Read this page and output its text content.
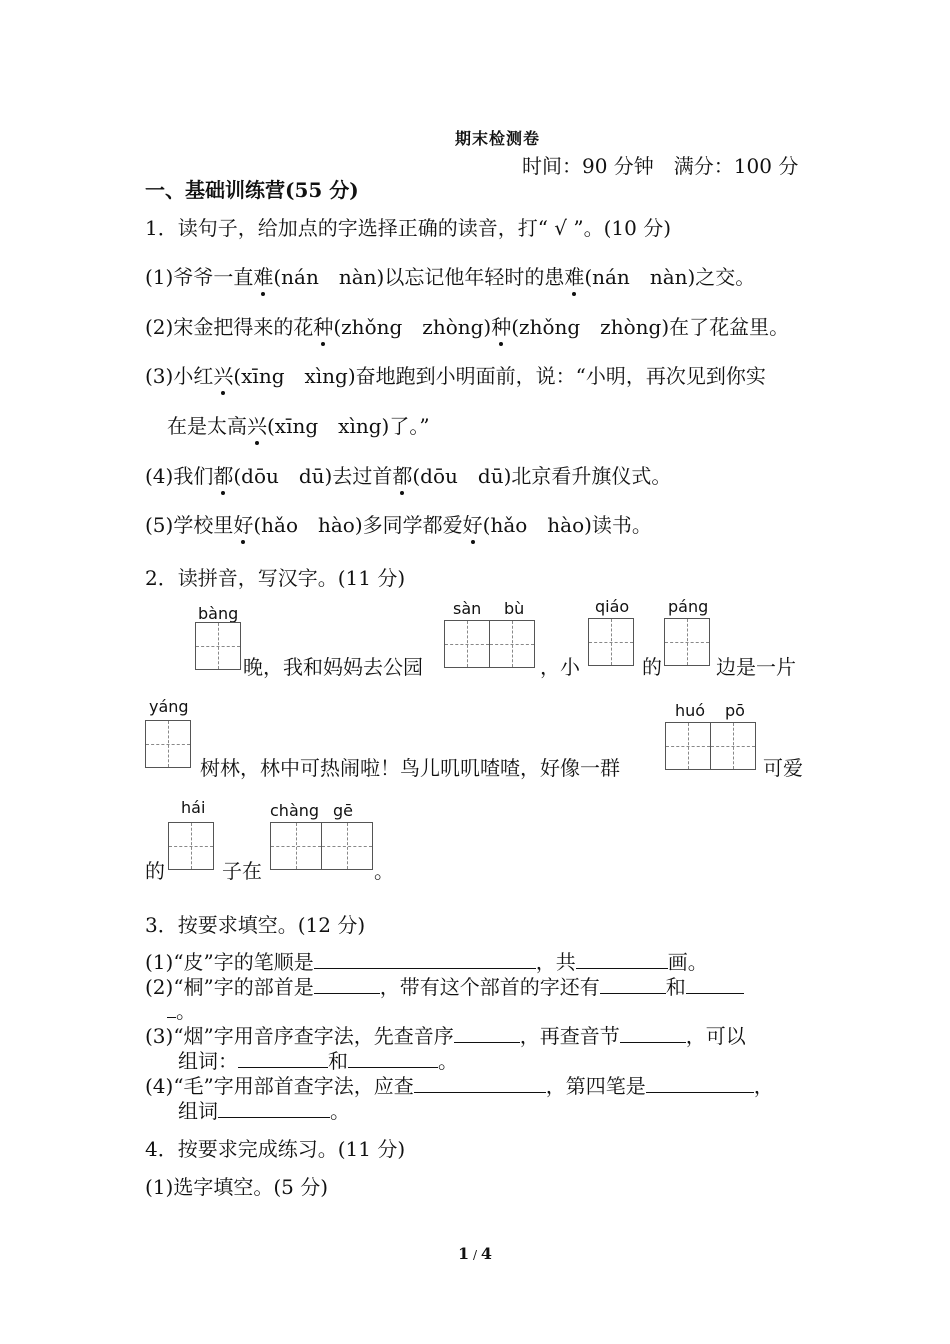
期末检测卷
时间：90 分钟　满分：100 分
一、基础训练营(55 分)
1．读句子，给加点的字选择正确的读音，打“ √ ”。(10 分)
(1)爷爷一直难(nán　nàn)以忘记他年轻时的患难(nán　nàn)之交。
(2)宋金把得来的花种(zhǒng　zhòng)种(zhǒng　zhòng)在了花盆里。
(3)小红兴(xīng　xìng)奋地跑到小明面前，说：“小明，再次见到你实
在是太高兴(xīng　xìng)了。”
(4)我们都(dōu　dū)去过首都(dōu　dū)北京看升旗仪式。
(5)学校里好(hǎo　hào)多同学都爱好(hǎo　hào)读书。
2．读拼音，写汉字。(11 分)
bàng
晚，我和妈妈去公园
sàn bù
，小
qiáo
的
páng
边是一片
yáng
树林，林中可热闹啦！鸟儿叽叽喳喳，好像一群
huó pō
可爱
的
hái
子在
chàng gē
。
3．按要求填空。(12 分)
(1)“皮”字的笔顺是	，共	画。
(2)“桐”字的部首是	，带有这个部首的字还有	和
。
(3)“烟”字用音序查字法，先查音序	，再查音节	，可以
组词：	和	。
(4)“毛”字用部首查字法，应查	，第四笔是	，
组词	。
4．按要求完成练习。(11 分)
(1)选字填空。(5 分)
1 / 4
